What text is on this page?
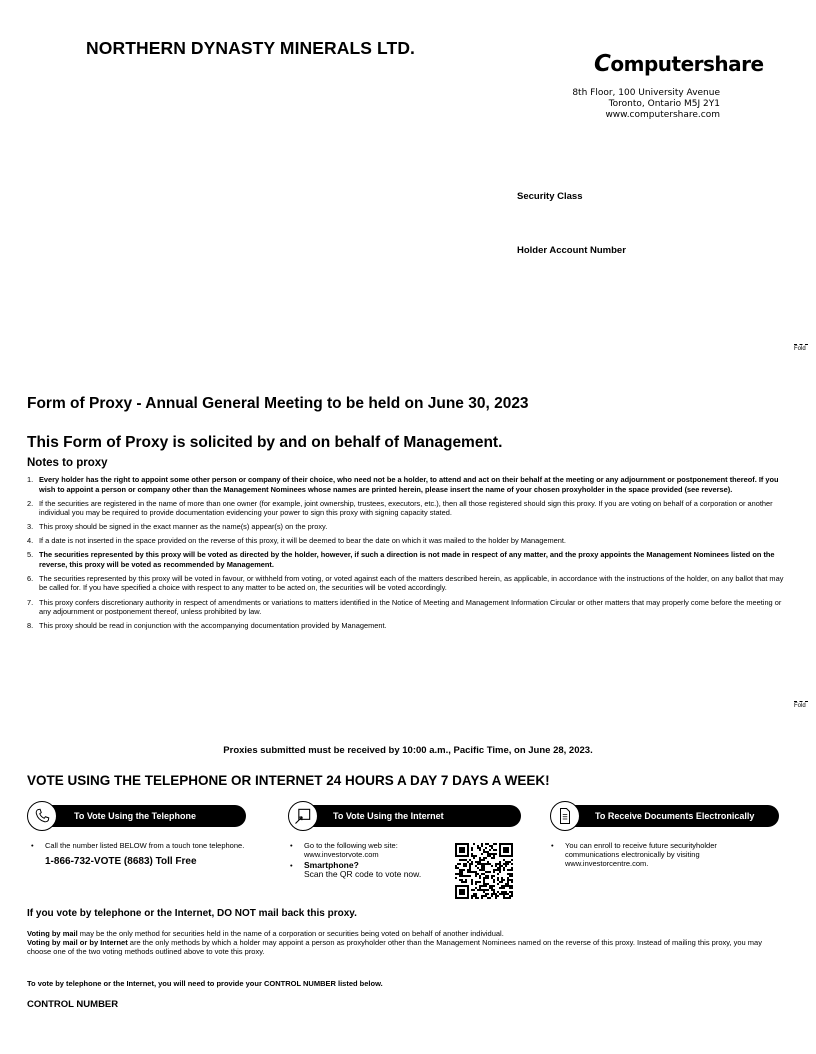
NORTHERN DYNASTY MINERALS LTD.
Computershare
8th Floor, 100 University Avenue
Toronto, Ontario M5J 2Y1
www.computershare.com
Security Class
Holder Account Number
Fold
Fold
Form of Proxy - Annual General Meeting to be held on June 30, 2023
This Form of Proxy is solicited by and on behalf of Management.
Notes to proxy
1. Every holder has the right to appoint some other person or company of their choice, who need not be a holder, to attend and act on their behalf at the meeting or any adjournment or postponement thereof. If you wish to appoint a person or company other than the Management Nominees whose names are printed herein, please insert the name of your chosen proxyholder in the space provided (see reverse).
2. If the securities are registered in the name of more than one owner (for example, joint ownership, trustees, executors, etc.), then all those registered should sign this proxy. If you are voting on behalf of a corporation or another individual you may be required to provide documentation evidencing your power to sign this proxy with signing capacity stated.
3. This proxy should be signed in the exact manner as the name(s) appear(s) on the proxy.
4. If a date is not inserted in the space provided on the reverse of this proxy, it will be deemed to bear the date on which it was mailed to the holder by Management.
5. The securities represented by this proxy will be voted as directed by the holder, however, if such a direction is not made in respect of any matter, and the proxy appoints the Management Nominees listed on the reverse, this proxy will be voted as recommended by Management.
6. The securities represented by this proxy will be voted in favour, or withheld from voting, or voted against each of the matters described herein, as applicable, in accordance with the instructions of the holder, on any ballot that may be called for. If you have specified a choice with respect to any matter to be acted on, the securities will be voted accordingly.
7. This proxy confers discretionary authority in respect of amendments or variations to matters identified in the Notice of Meeting and Management Information Circular or other matters that may properly come before the meeting or any adjournment or postponement thereof, unless prohibited by law.
8. This proxy should be read in conjunction with the accompanying documentation provided by Management.
Proxies submitted must be received by 10:00 a.m., Pacific Time, on June 28, 2023.
VOTE USING THE TELEPHONE OR INTERNET 24 HOURS A DAY 7 DAYS A WEEK!
To Vote Using the Telephone	To Vote Using the Internet	To Receive Documents Electronically
• Call the number listed BELOW from a touch tone telephone.
1-866-732-VOTE (8683) Toll Free
• Go to the following web site: www.investorvote.com
• Smartphone?
Scan the QR code to vote now.
• You can enroll to receive future securityholder communications electronically by visiting www.investorcentre.com.
If you vote by telephone or the Internet, DO NOT mail back this proxy.
Voting by mail may be the only method for securities held in the name of a corporation or securities being voted on behalf of another individual.
Voting by mail or by Internet are the only methods by which a holder may appoint a person as proxyholder other than the Management Nominees named on the reverse of this proxy. Instead of mailing this proxy, you may choose one of the two voting methods outlined above to vote this proxy.
To vote by telephone or the Internet, you will need to provide your CONTROL NUMBER listed below.
CONTROL NUMBER
